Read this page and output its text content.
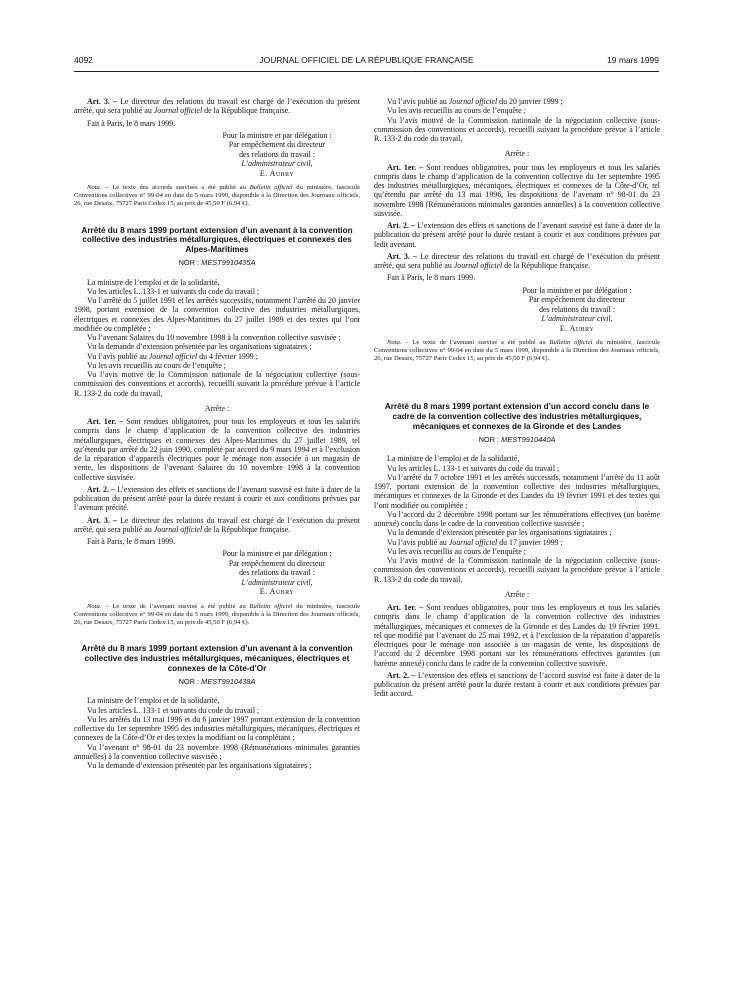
4092	JOURNAL OFFICIEL DE LA RÉPUBLIQUE FRANÇAISE	19 mars 1999

Art. 3. – Le directeur des relations du travail est chargé de l’exécution du présent arrêté, qui sera publié au Journal officiel de la République française.

Fait à Paris, le 8 mars 1999.

Pour la ministre et par délégation :
Par empêchement du directeur
des relations du travail :
L’administrateur civil,
E. Aubry

Nota. – Le texte des accords susvisés a été publié au Bulletin officiel du ministère, fascicule Conventions collectives n° 99-04 en date du 5 mars 1999, disponible à la Direction des Journaux officiels, 26, rue Desaix, 75727 Paris Cedex 15, au prix de 45,50 F (6,94 €).

Arrêté du 8 mars 1999 portant extension d’un avenant à la convention collective des industries métallurgiques, électriques et connexes des Alpes-Maritimes
NOR : MEST9910435A

La ministre de l’emploi et de la solidarité,

Vu les articles L. 133-1 et suivants du code du travail ;

Vu l’arrêté du 5 juillet 1991 et les arrêtés successifs, notamment l’arrêté du 20 janvier 1998, portant extension de la convention collective des industries métallurgiques, électriques et connexes des Alpes-Maritimes du 27 juillet 1989 et des textes qui l’ont modifiée ou complétée ;

Vu l’avenant Salaires du 10 novembre 1998 à la convention collective susvisée ;

Vu la demande d’extension présentée par les organisations signataires ;

Vu l’avis publié au Journal officiel du 4 février 1999 ;

Vu les avis recueillis au cours de l’enquête ;

Vu l’avis motivé de la Commission nationale de la négociation collective (sous-commission des conventions et accords), recueilli suivant la procédure prévue à l’article R. 133-2 du code du travail,

Arrête :

Art. 1er. – Sont rendues obligatoires, pour tous les employeurs et tous les salariés compris dans le champ d’application de la convention collective des industries métallurgiques, électriques et connexes des Alpes-Maritimes du 27 juillet 1989, tel qu’étendu par arrêté du 22 juin 1990, complété par accord du 9 mars 1994 et à l’exclusion de la réparation d’appareils électriques pour le ménage non associée à un magasin de vente, les dispositions de l’avenant Salaires du 10 novembre 1998 à la convention collective susvisée.

Art. 2. – L’extension des effets et sanctions de l’avenant susvisé est faite à dater de la publication du présent arrêté pour la durée restant à courir et aux conditions prévues par l’avenant précité.

Art. 3. – Le directeur des relations du travail est chargé de l’exécution du présent arrêté, qui sera publié au Journal officiel de la République française.

Fait à Paris, le 8 mars 1999.

Pour la ministre et par délégation :
Par empêchement du directeur
des relations du travail :
L’administrateur civil,
E. Aubry

Nota. – Le texte de l’avenant susvisé a été publié au Bulletin officiel du ministère, fascicule Conventions collectives n° 99-04 en date du 5 mars 1999, disponible à la Direction des Journaux officiels, 26, rue Desaix, 75727 Paris Cedex 15, au prix de 45,50 F (6,94 €).

Arrêté du 8 mars 1999 portant extension d’un avenant à la convention collective des industries métallurgiques, mécaniques, électriques et connexes de la Côte-d’Or
NOR : MEST9910438A

La ministre de l’emploi et de la solidarité,

Vu les articles L. 133-1 et suivants du code du travail ;

Vu les arrêtés du 13 mai 1996 et du 6 janvier 1997 portant extension de la convention collective du 1er septembre 1995 des industries métallurgiques, mécaniques, électriques et connexes de la Côte-d’Or et des textes la modifiant ou la complétant ;

Vu l’avenant n° 98-01 du 23 novembre 1998 (Rémunérations minimales garanties annuelles) à la convention collective susvisée ;

Vu la demande d’extension présentée par les organisations signataires ;

Vu l’avis publié au Journal officiel du 20 janvier 1999 ;

Vu les avis recueillis au cours de l’enquête ;

Vu l’avis motivé de la Commission nationale de la négociation collective (sous-commission des conventions et accords), recueilli suivant la procédure prévue à l’article R. 133-2 du code du travail,

Arrête :

Art. 1er. – Sont rendues obligatoires, pour tous les employeurs et tous les salariés compris dans le champ d’application de la convention collective du 1er septembre 1995 des industries métallurgiques, mécaniques, électriques et connexes de la Côte-d’Or, tel qu’étendu par arrêté du 13 mai 1996, les dispositions de l’avenant n° 98-01 du 23 novembre 1998 (Rémunérations minimales garanties annuelles) à la convention collective susvisée.

Art. 2. – L’extension des effets et sanctions de l’avenant susvisé est faite à dater de la publication du présent arrêté pour la durée restant à courir et aux conditions prévues par ledit avenant.

Art. 3. – Le directeur des relations du travail est chargé de l’exécution du présent arrêté, qui sera publié au Journal officiel de la République française.

Fait à Paris, le 8 mars 1999.

Pour la ministre et par délégation :
Par empêchement du directeur
des relations du travail :
L’administrateur civil,
E. Aubry

Nota. – Le texte de l’avenant susvisé a été publié au Bulletin officiel du ministère, fascicule Conventions collectives n° 99-04 en date du 5 mars 1999, disponible à la Direction des Journaux officiels, 26, rue Desaix, 75727 Paris Cedex 15, au prix de 45,50 F (6,94 €).

Arrêté du 8 mars 1999 portant extension d’un accord conclu dans le cadre de la convention collective des industries métallurgiques, mécaniques et connexes de la Gironde et des Landes
NOR : MEST9910440A

La ministre de l’emploi et de la solidarité,

Vu les articles L. 133-1 et suivants du code du travail ;

Vu l’arrêté du 7 octobre 1991 et les arrêtés successifs, notamment l’arrêté du 11 août 1997, portant extension de la convention collective des industries métallurgiques, mécaniques et connexes de la Gironde et des Landes du 19 février 1991 et des textes qui l’ont modifiée ou complétée ;

Vu l’accord du 2 décembre 1998 portant sur les rémunérations effectives (un barème annexé) conclu dans le cadre de la convention collective susvisée ;

Vu la demande d’extension présentée par les organisations signataires ;

Vu l’avis publié au Journal officiel du 17 janvier 1999 ;

Vu les avis recueillis au cours de l’enquête ;

Vu l’avis motivé de la Commission nationale de la négociation collective (sous-commission des conventions et accords), recueilli suivant la procédure prévue à l’article R. 133-2 du code du travail,

Arrête :

Art. 1er. – Sont rendues obligatoires, pour tous les employeurs et tous les salariés compris dans le champ d’application de la convention collective des industries métallurgiques, mécaniques et connexes de la Gironde et des Landes du 19 février 1991, tel que modifié par l’avenant du 25 mai 1992, et à l’exclusion de la réparation d’appareils électriques pour le ménage non associée à un magasin de vente, les dispositions de l’accord du 2 décembre 1998 portant sur les rémunérations effectives garanties (un barème annexé) conclu dans le cadre de la convention collective susvisée.

Art. 2. – L’extension des effets et sanctions de l’accord susvisé est faite à dater de la publication du présent arrêté pour la durée restant à courir et aux conditions prévues par ledit accord.
